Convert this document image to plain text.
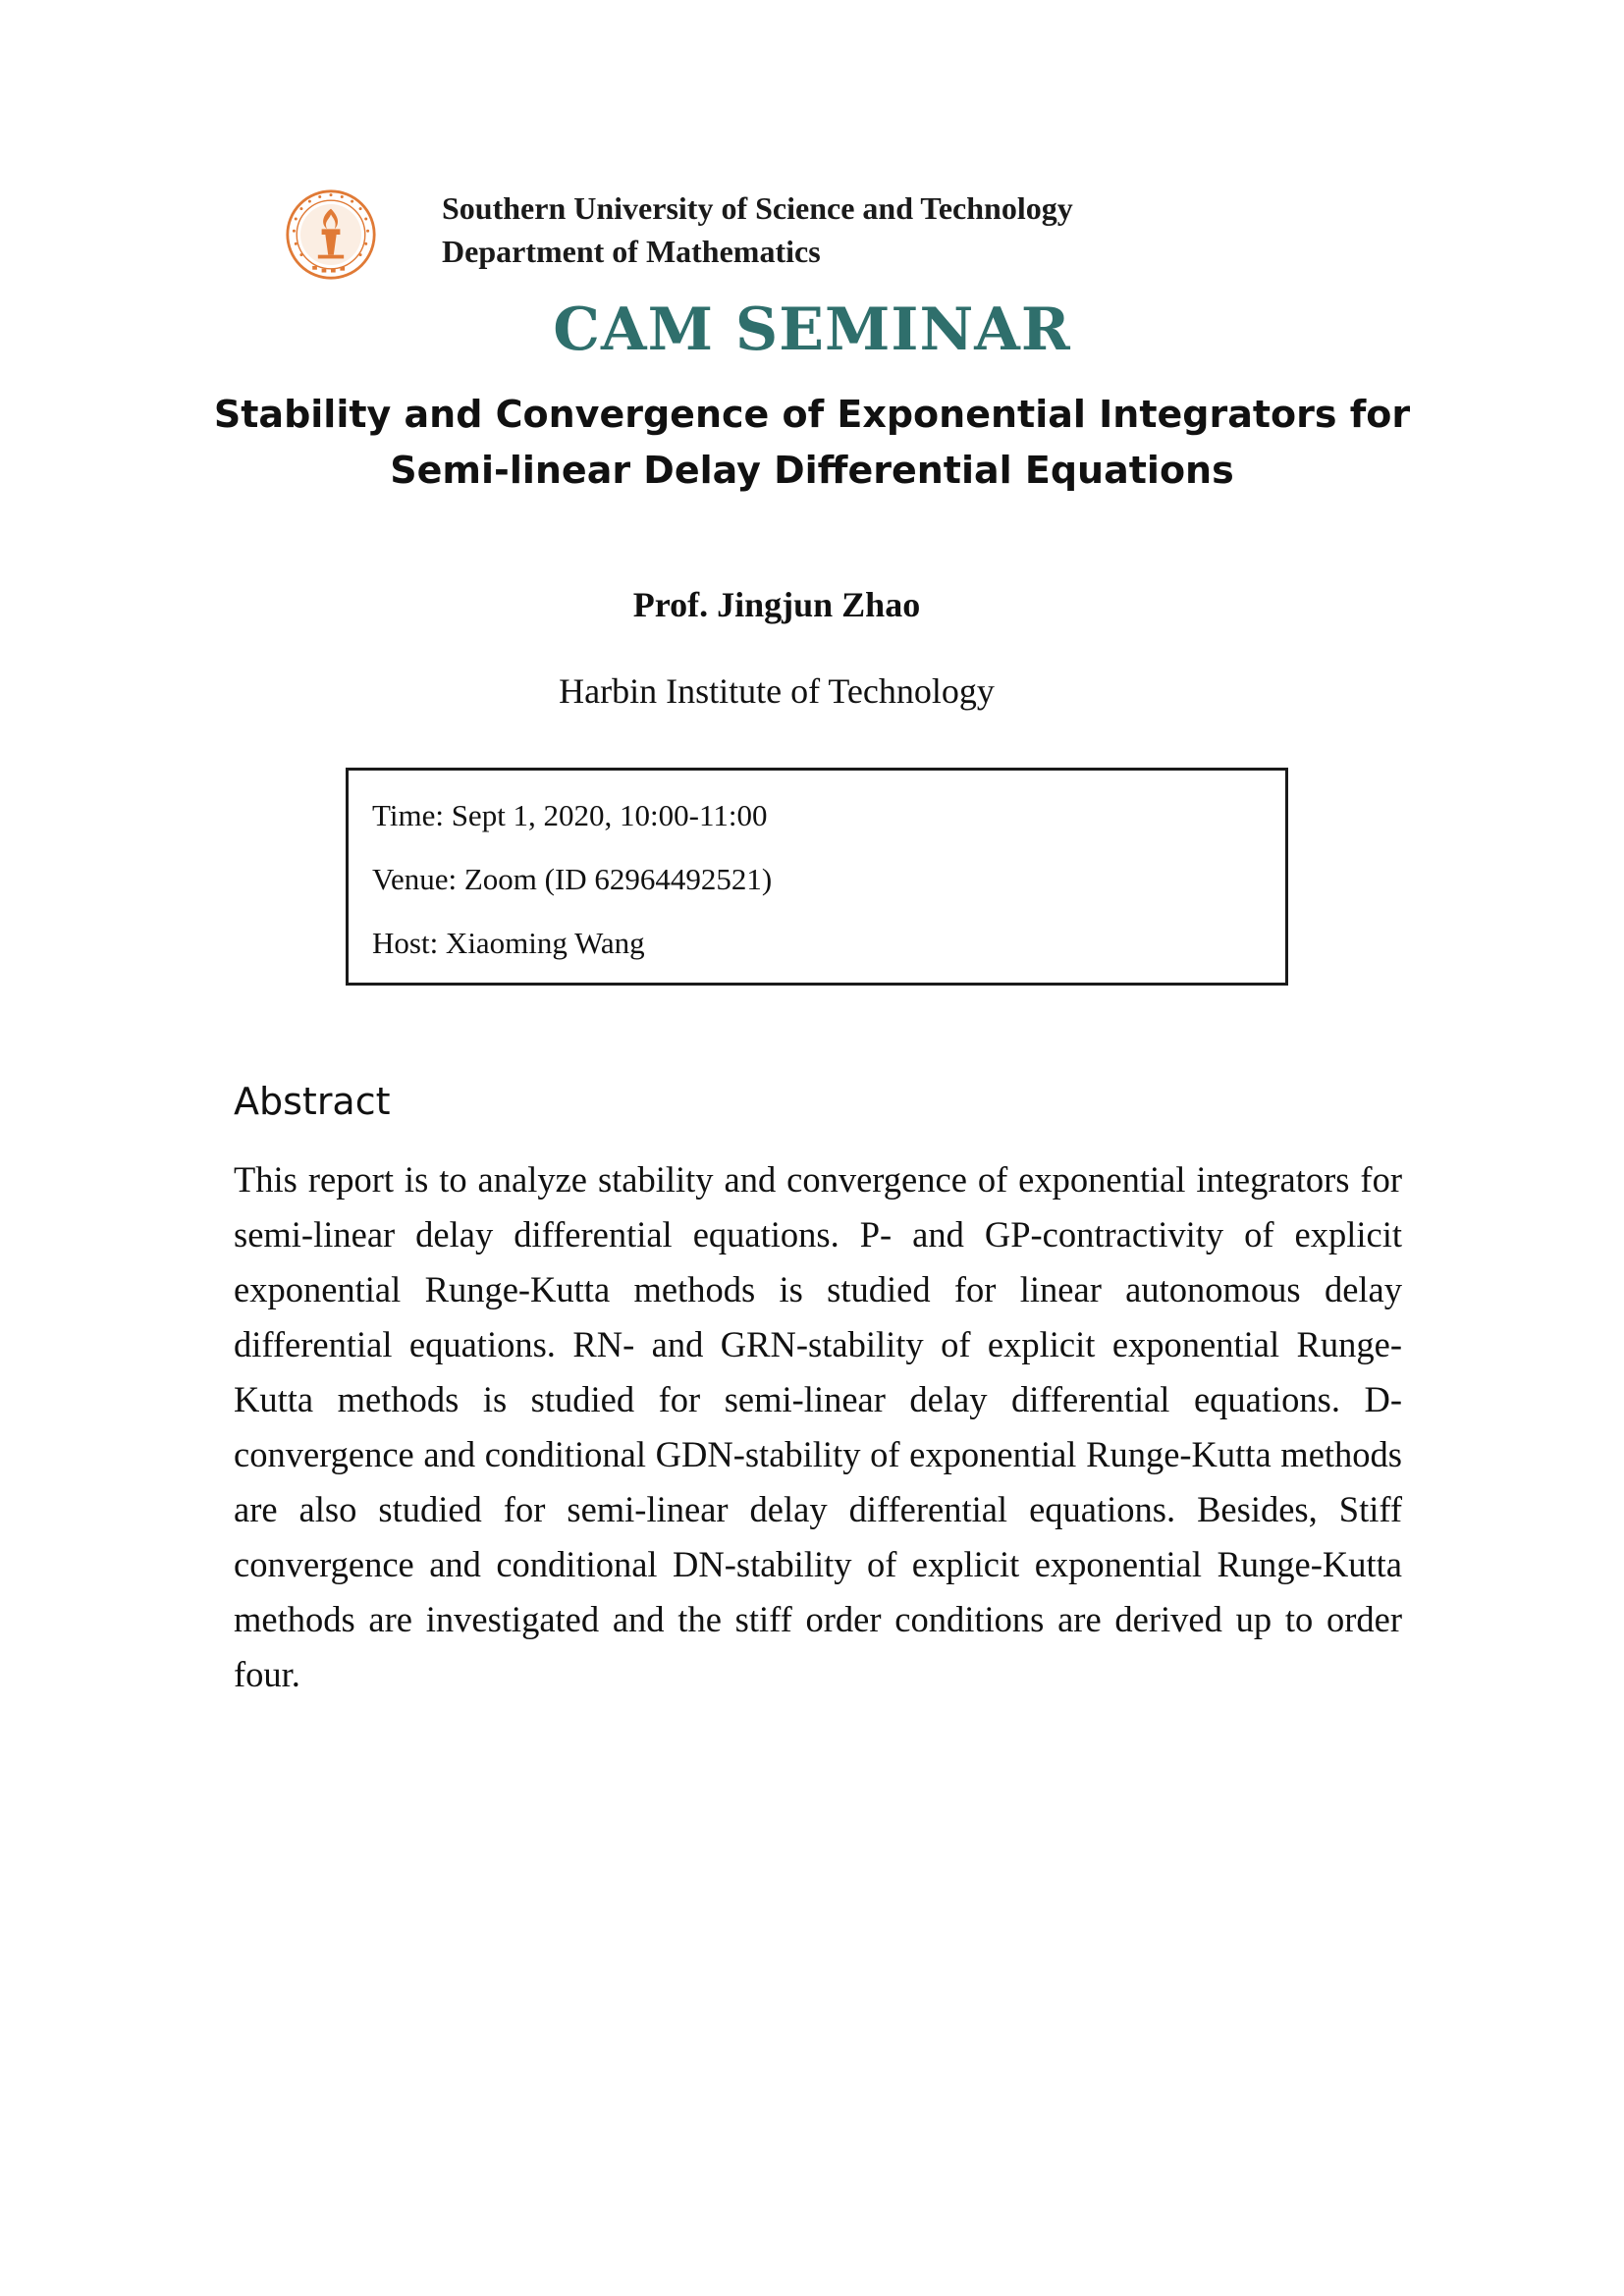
Southern University of Science and Technology
Department of Mathematics
CAM SEMINAR
Stability and Convergence of Exponential Integrators for
Semi-linear Delay Differential Equations
Prof. Jingjun Zhao
Harbin Institute of Technology
Time: Sept 1, 2020, 10:00-11:00
Venue: Zoom (ID 62964492521)
Host: Xiaoming Wang
Abstract
This report is to analyze stability and convergence of exponential integrators for semi-linear delay differential equations. P- and GP-contractivity of explicit exponential Runge-Kutta methods is studied for linear autonomous delay differential equations. RN- and GRN-stability of explicit exponential Runge-Kutta methods is studied for semi-linear delay differential equations. D-convergence and conditional GDN-stability of exponential Runge-Kutta methods are also studied for semi-linear delay differential equations. Besides, Stiff convergence and conditional DN-stability of explicit exponential Runge-Kutta methods are investigated and the stiff order conditions are derived up to order four.
